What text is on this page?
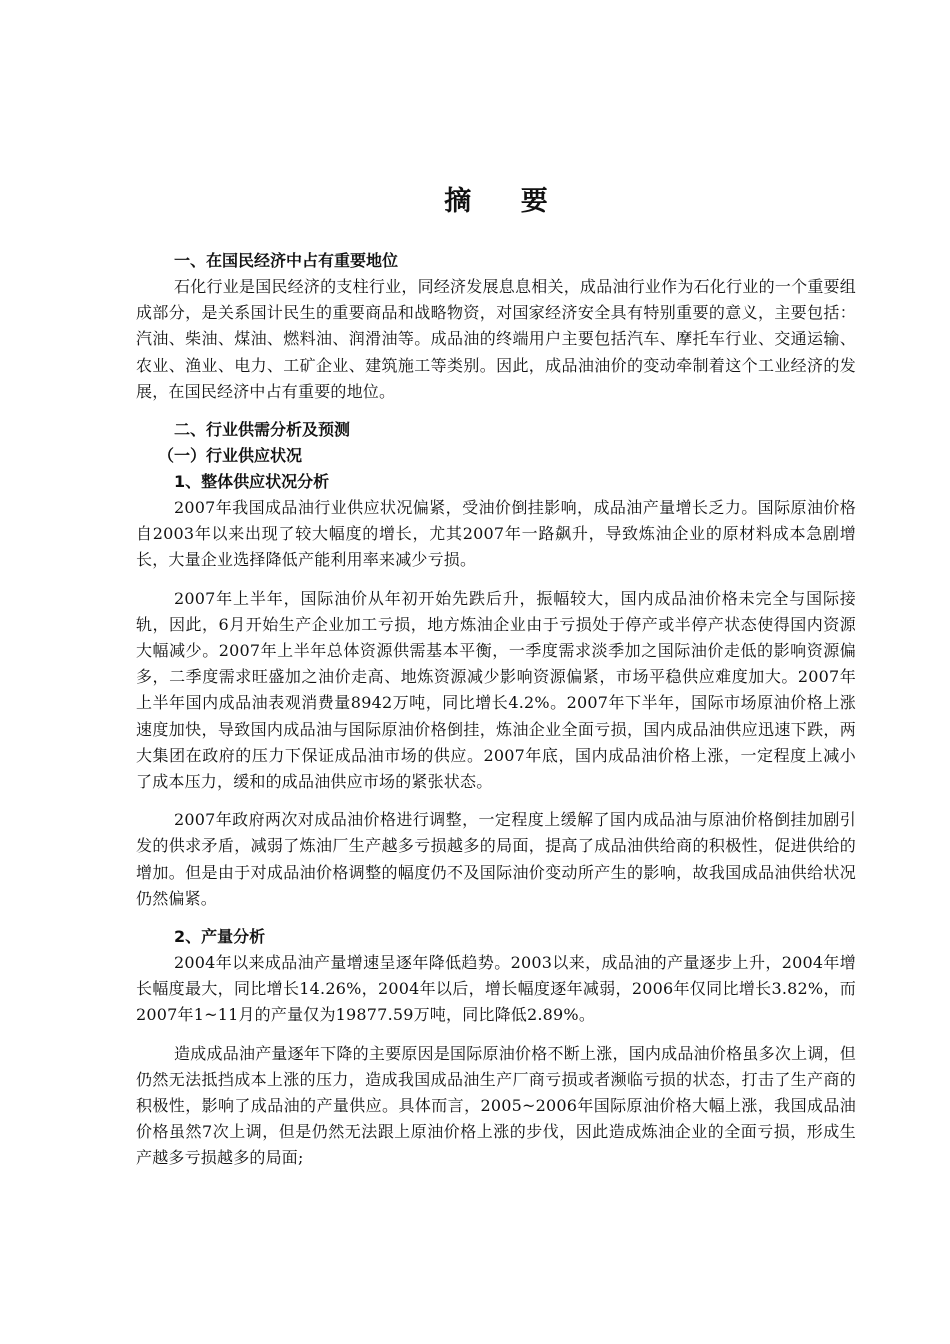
摘 要
一、在国民经济中占有重要地位

石化行业是国民经济的支柱行业，同经济发展息息相关，成品油行业作为石化行业的一个重要组成部分，是关系国计民生的重要商品和战略物资，对国家经济安全具有特别重要的意义，主要包括：汽油、柴油、煤油、燃料油、润滑油等。成品油的终端用户主要包括汽车、摩托车行业、交通运输、农业、渔业、电力、工矿企业、建筑施工等类别。因此，成品油油价的变动牵制着这个工业经济的发展，在国民经济中占有重要的地位。

二、行业供需分析及预测
（一）行业供应状况
1、整体供应状况分析

2007年我国成品油行业供应状况偏紧，受油价倒挂影响，成品油产量增长乏力。国际原油价格自2003年以来出现了较大幅度的增长，尤其2007年一路飙升，导致炼油企业的原材料成本急剧增长，大量企业选择降低产能利用率来减少亏损。

2007年上半年，国际油价从年初开始先跌后升，振幅较大，国内成品油价格未完全与国际接轨，因此，6月开始生产企业加工亏损，地方炼油企业由于亏损处于停产或半停产状态使得国内资源大幅减少。2007年上半年总体资源供需基本平衡，一季度需求淡季加之国际油价走低的影响资源偏多，二季度需求旺盛加之油价走高、地炼资源减少影响资源偏紧，市场平稳供应难度加大。2007年上半年国内成品油表观消费量8942万吨，同比增长4.2%。2007年下半年，国际市场原油价格上涨速度加快，导致国内成品油与国际原油价格倒挂，炼油企业全面亏损，国内成品油供应迅速下跌，两大集团在政府的压力下保证成品油市场的供应。2007年底，国内成品油价格上涨，一定程度上减小了成本压力，缓和的成品油供应市场的紧张状态。

2007年政府两次对成品油价格进行调整，一定程度上缓解了国内成品油与原油价格倒挂加剧引发的供求矛盾，减弱了炼油厂生产越多亏损越多的局面，提高了成品油供给商的积极性，促进供给的增加。但是由于对成品油价格调整的幅度仍不及国际油价变动所产生的影响，故我国成品油供给状况仍然偏紧。

2、产量分析

2004年以来成品油产量增速呈逐年降低趋势。2003以来，成品油的产量逐步上升，2004年增长幅度最大，同比增长14.26%，2004年以后，增长幅度逐年减弱，2006年仅同比增长3.82%，而2007年1~11月的产量仅为19877.59万吨，同比降低2.89%。

造成成品油产量逐年下降的主要原因是国际原油价格不断上涨，国内成品油价格虽多次上调，但仍然无法抵挡成本上涨的压力，造成我国成品油生产厂商亏损或者濒临亏损的状态，打击了生产商的积极性，影响了成品油的产量供应。具体而言，2005~2006年国际原油价格大幅上涨，我国成品油价格虽然7次上调，但是仍然无法跟上原油价格上涨的步伐，因此造成炼油企业的全面亏损，形成生产越多亏损越多的局面;
